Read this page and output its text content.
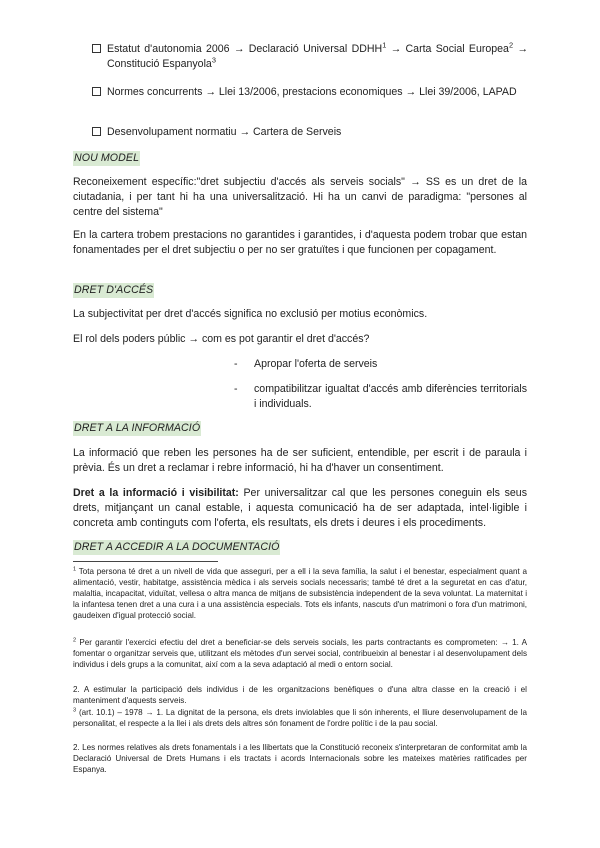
Estatut d'autonomia 2006 → Declaració Universal $DDHH^1$ → Carta Social Europea$^2$ → Constitució Espanyola$^3$
Normes concurrents → Llei 13/2006, prestacions economiques → Llei 39/2006, LAPAD
Desenvolupament normatiu → Cartera de Serveis
NOU MODEL
Reconeixement específic:"dret subjectiu d'accés als serveis socials" → SS es un dret de la ciutadania, i per tant hi ha una universalització. Hi ha un canvi de paradigma: "persones al centre del sistema"
En la cartera trobem prestacions no garantides i garantides, i d'aquesta podem trobar que estan fonamentades per el dret subjectiu o per no ser gratuïtes i que funcionen per copagament.
DRET D'ACCÉS
La subjectivitat per dret d'accés significa no exclusió per motius econòmics.
El rol dels poders públic → com es pot garantir el dret d'accés?
-	Apropar l'oferta de serveis
-	compatibilitzar igualtat d'accés amb diferències territorials i individuals.
DRET A LA INFORMACIÓ
La informació que reben les persones ha de ser suficient, entendible, per escrit i de paraula i prèvia. És un dret a reclamar i rebre informació, hi ha d'haver un consentiment.
Dret a la informació i visibilitat: Per universalitzar cal que les persones coneguin els seus drets, mitjançant un canal estable, i aquesta comunicació ha de ser adaptada, intel·ligible i concreta amb continguts com l'oferta, els resultats, els drets i deures i els procediments.
DRET A ACCEDIR A LA DOCUMENTACIÓ
$^1$ Tota persona té dret a un nivell de vida que asseguri, per a ell i la seva família, la salut i el benestar, especialment quant a alimentació, vestir, habitatge, assistència mèdica i als serveis socials necessaris; també té dret a la seguretat en cas d'atur, malaltia, incapacitat, viduïtat, vellesa o altra manca de mitjans de subsistència independent de la seva voluntat. La maternitat i la infantesa tenen dret a una cura i a una assistència especials. Tots els infants, nascuts d'un matrimoni o fora d'un matrimoni, gaudeixen d'igual protecció social.
$^2$ Per garantir l'exercici efectiu del dret a beneficiar-se dels serveis socials, les parts contractants es comprometen: → 1. A fomentar o organitzar serveis que, utilitzant els mètodes d'un servei social, contribueixin al benestar i al desenvolupament dels individus i dels grups a la comunitat, així com a la seva adaptació al medi o entorn social.
2. A estimular la participació dels individus i de les organitzacions benèfiques o d'una altra classe en la creació i el manteniment d'aquests serveis.
$^3$ (art. 10.1) – 1978 → 1. La dignitat de la persona, els drets inviolables que li són inherents, el lliure desenvolupament de la personalitat, el respecte a la llei i als drets dels altres són fonament de l'ordre polític i de la pau social.
2. Les normes relatives als drets fonamentals i a les llibertats que la Constitució reconeix s'interpretaran de conformitat amb la Declaració Universal de Drets Humans i els tractats i acords Internacionals sobre les mateixes matèries ratificades per Espanya.
